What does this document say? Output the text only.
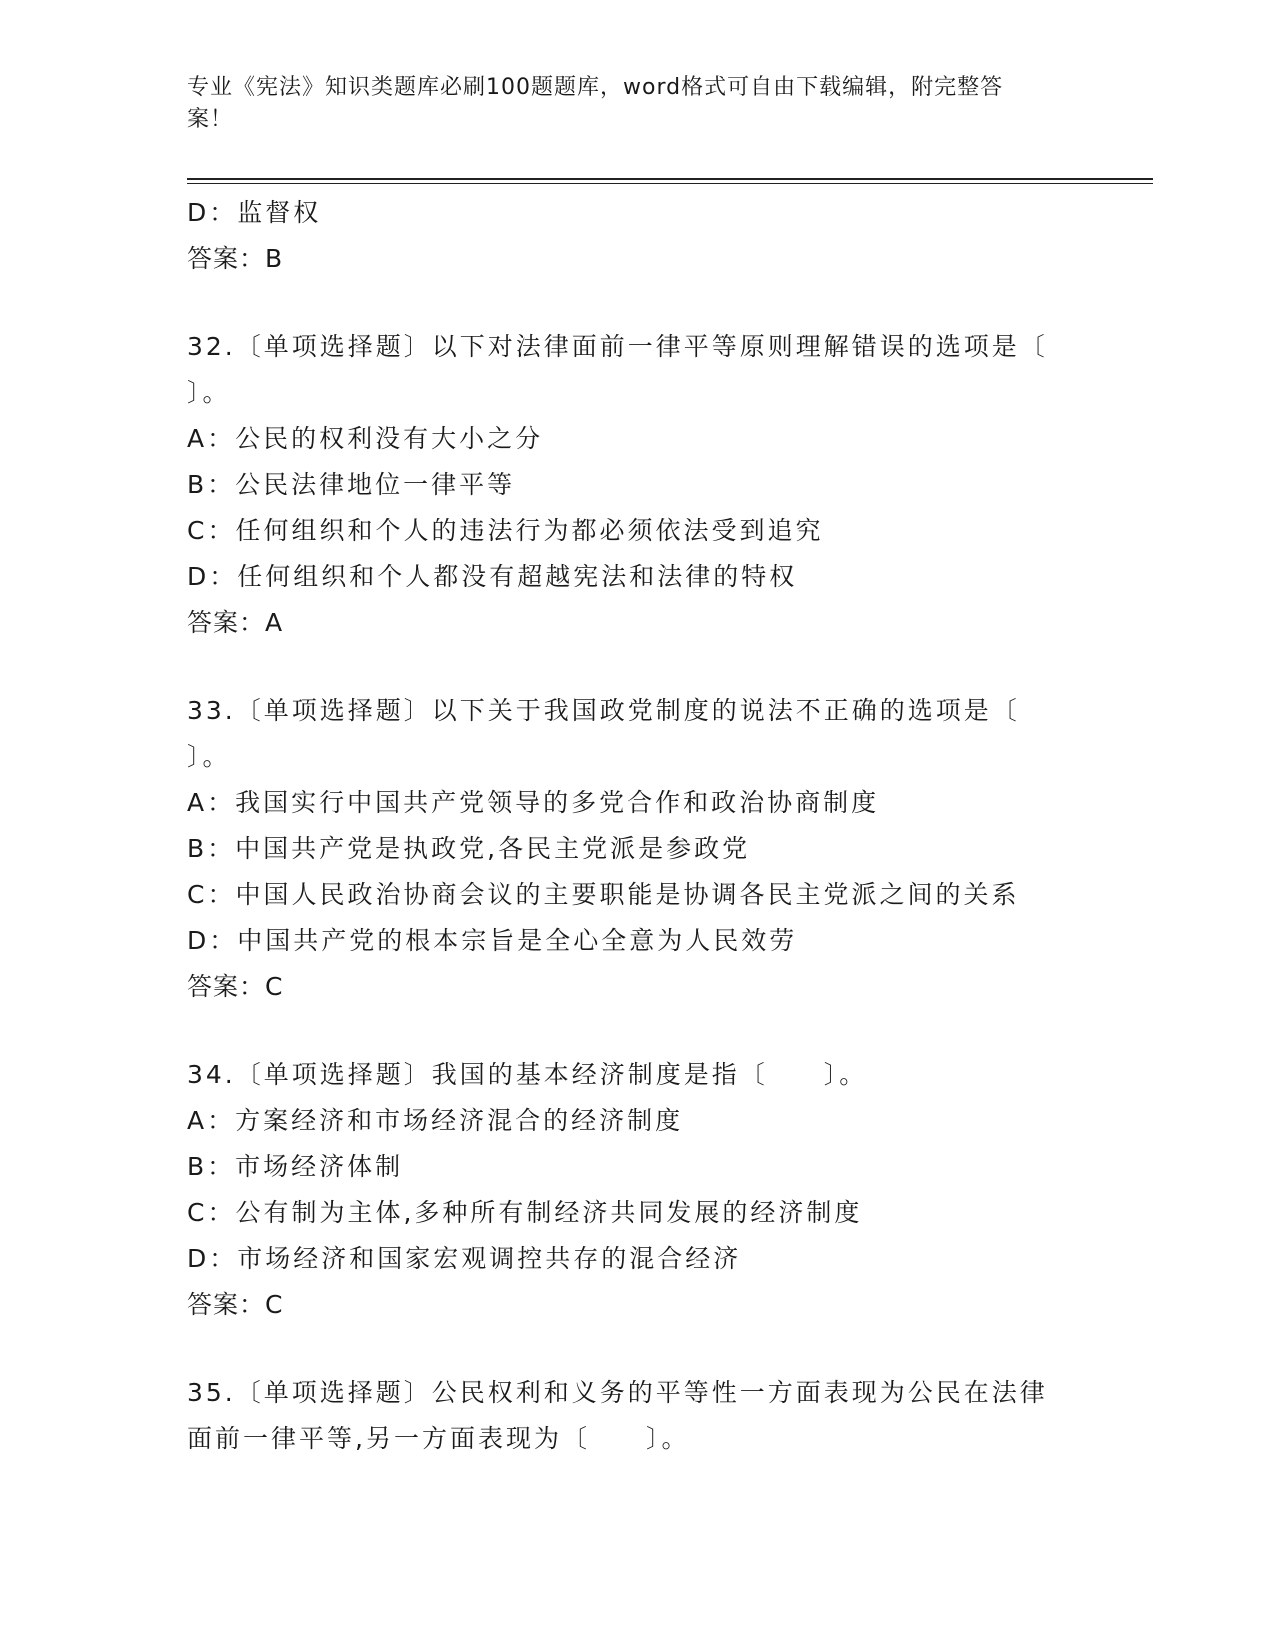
专业《宪法》知识类题库必刷100题题库，word格式可自由下载编辑，附完整答
案！
D：监督权
答案：B
32.〔单项选择题〕以下对法律面前一律平等原则理解错误的选项是〔
〕。
A：公民的权利没有大小之分
B：公民法律地位一律平等
C：任何组织和个人的违法行为都必须依法受到追究
D：任何组织和个人都没有超越宪法和法律的特权
答案：A
33.〔单项选择题〕以下关于我国政党制度的说法不正确的选项是〔
〕。
A：我国实行中国共产党领导的多党合作和政治协商制度
B：中国共产党是执政党,各民主党派是参政党
C：中国人民政治协商会议的主要职能是协调各民主党派之间的关系
D：中国共产党的根本宗旨是全心全意为人民效劳
答案：C
34.〔单项选择题〕我国的基本经济制度是指〔　　〕。
A：方案经济和市场经济混合的经济制度
B：市场经济体制
C：公有制为主体,多种所有制经济共同发展的经济制度
D：市场经济和国家宏观调控共存的混合经济
答案：C
35.〔单项选择题〕公民权利和义务的平等性一方面表现为公民在法律
面前一律平等,另一方面表现为〔　　〕。
